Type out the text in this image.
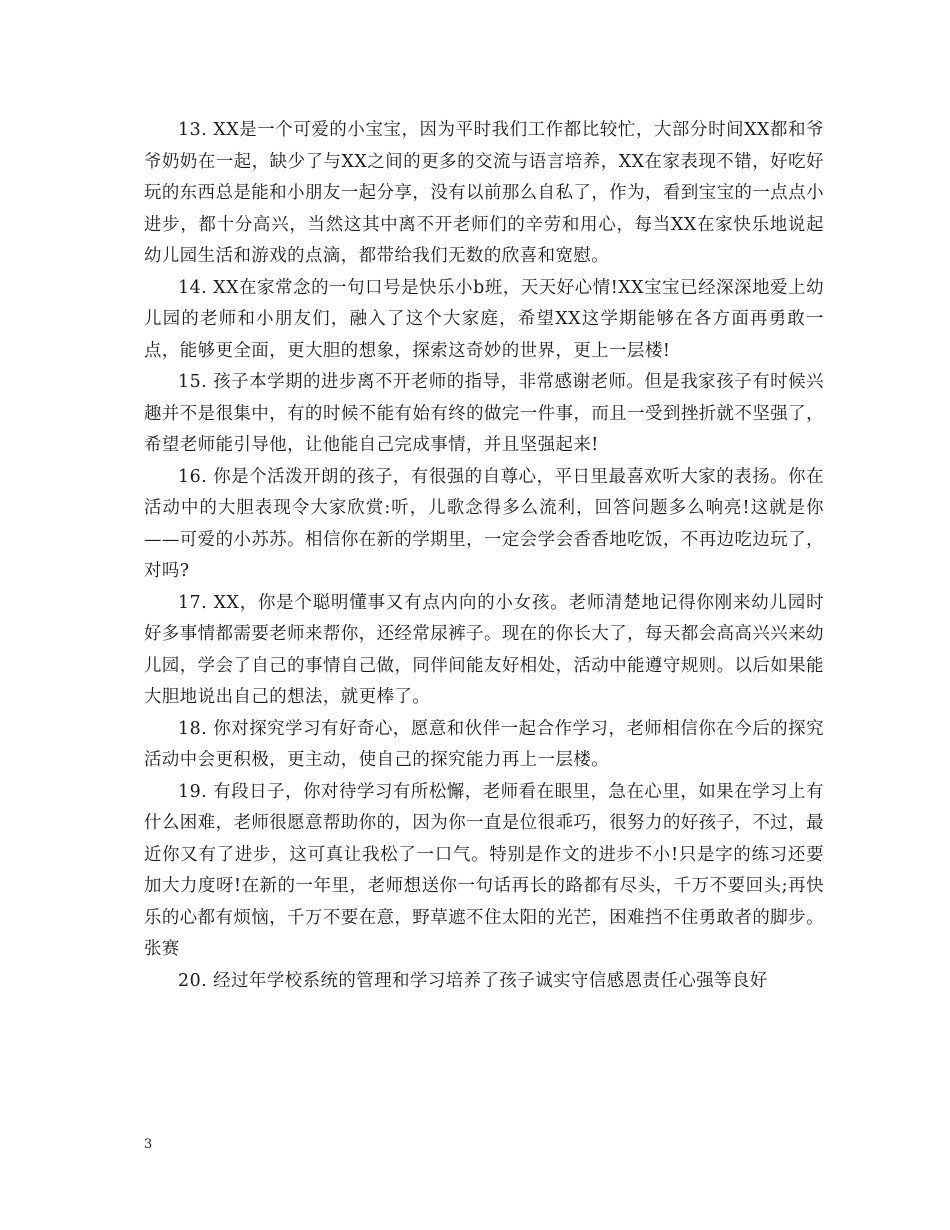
13. XX是一个可爱的小宝宝，因为平时我们工作都比较忙，大部分时间XX都和爷爷奶奶在一起，缺少了与XX之间的更多的交流与语言培养，XX在家表现不错，好吃好玩的东西总是能和小朋友一起分享，没有以前那么自私了，作为，看到宝宝的一点点小进步，都十分高兴，当然这其中离不开老师们的辛劳和用心，每当XX在家快乐地说起幼儿园生活和游戏的点滴，都带给我们无数的欣喜和宽慰。

14. XX在家常念的一句口号是快乐小b班，天天好心情!XX宝宝已经深深地爱上幼儿园的老师和小朋友们，融入了这个大家庭，希望XX这学期能够在各方面再勇敢一点，能够更全面，更大胆的想象，探索这奇妙的世界，更上一层楼!

15. 孩子本学期的进步离不开老师的指导，非常感谢老师。但是我家孩子有时候兴趣并不是很集中，有的时候不能有始有终的做完一件事，而且一受到挫折就不坚强了，希望老师能引导他，让他能自己完成事情，并且坚强起来!

16. 你是个活泼开朗的孩子，有很强的自尊心，平日里最喜欢听大家的表扬。你在活动中的大胆表现令大家欣赏:听，儿歌念得多么流利，回答问题多么响亮!这就是你——可爱的小苏苏。相信你在新的学期里，一定会学会香香地吃饭，不再边吃边玩了，对吗?

17. XX，你是个聪明懂事又有点内向的小女孩。老师清楚地记得你刚来幼儿园时好多事情都需要老师来帮你，还经常尿裤子。现在的你长大了，每天都会高高兴兴来幼儿园，学会了自己的事情自己做，同伴间能友好相处，活动中能遵守规则。以后如果能大胆地说出自己的想法，就更棒了。

18. 你对探究学习有好奇心，愿意和伙伴一起合作学习，老师相信你在今后的探究活动中会更积极，更主动，使自己的探究能力再上一层楼。

19. 有段日子，你对待学习有所松懈，老师看在眼里，急在心里，如果在学习上有什么困难，老师很愿意帮助你的，因为你一直是位很乖巧，很努力的好孩子，不过，最近你又有了进步，这可真让我松了一口气。特别是作文的进步不小!只是字的练习还要加大力度呀!在新的一年里，老师想送你一句话再长的路都有尽头，千万不要回头;再快乐的心都有烦恼，千万不要在意，野草遮不住太阳的光芒，困难挡不住勇敢者的脚步。张赛

20. 经过年学校系统的管理和学习培养了孩子诚实守信感恩责任心强等良好

3
